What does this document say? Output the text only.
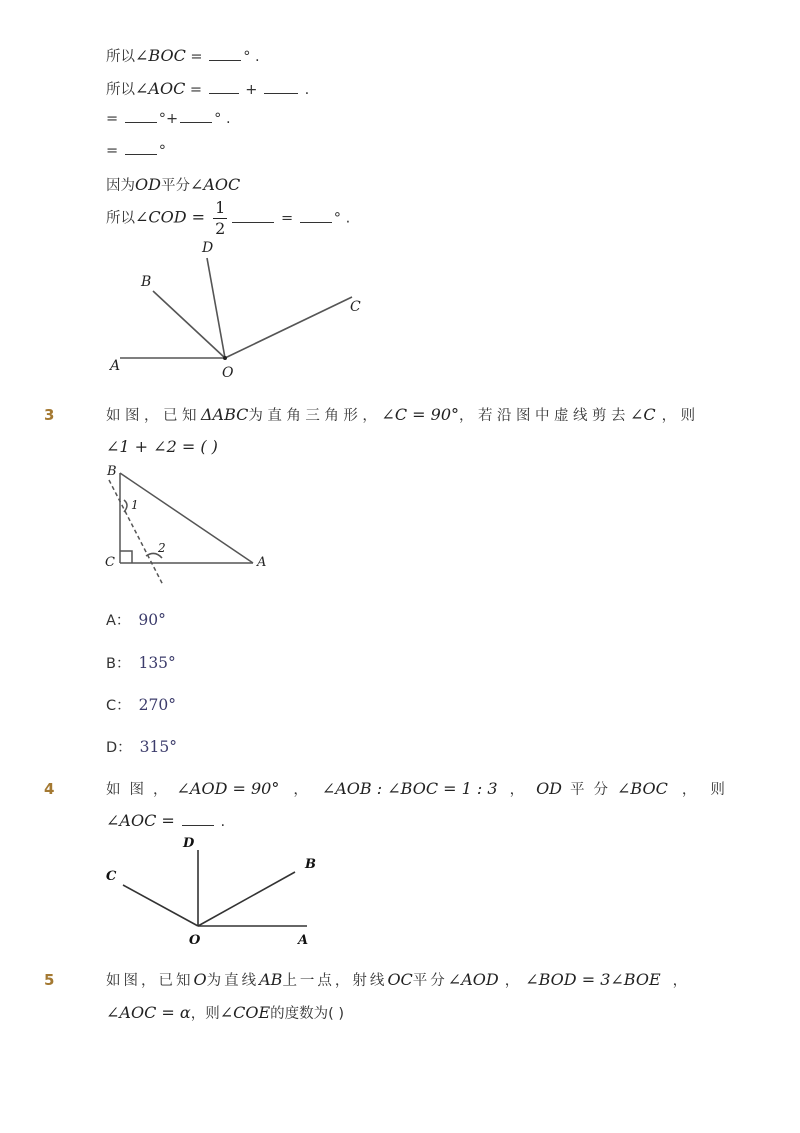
所以∠BOC = ° .
所以∠AOC =  +	.
= °+ ° .
= °
因为OD平分∠AOC
所以∠COD = $\frac{1}{2}$	= ° .
D
B
C
A	O
3	如图，已知ΔABC为直角三角形，∠C = 90°，若沿图中虚线剪去∠C ，则
∠1 + ∠2 = ( )
B
C	A
1
2
A： 90°
B： 135°
C： 270°
D： 315°
4	如图，∠AOD = 90° ， ∠AOB : ∠BOC = 1 : 3 ， OD 平分∠BOC ，则
∠AOC =  .
D
B
C
O	A
5	如图，已知O为直线AB上一点，射线OC平分∠AOD ， ∠BOD = 3∠BOE ，
∠AOC = α，则∠COE的度数为( )
